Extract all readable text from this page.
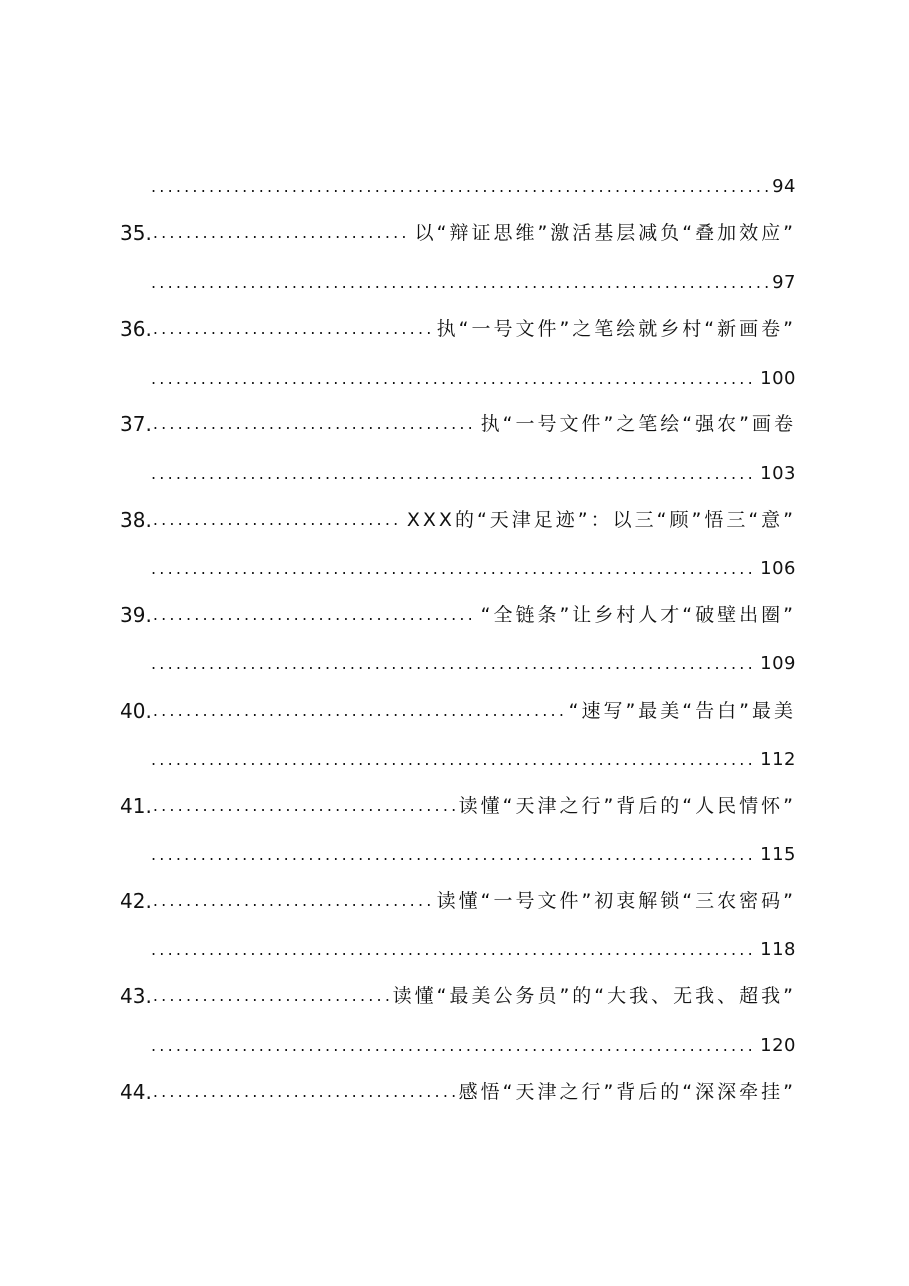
.....
94
35. .....	以“辩证思维”激活基层减负“叠加效应”
.....
97
36. .....	执“一号文件”之笔绘就乡村“新画卷”
.....
100
37. .....	执“一号文件”之笔绘“强农”画卷
.....
103
38. .....	XXX的“天津足迹”：以三“顾”悟三“意”
.....
106
39. .....	“全链条”让乡村人才“破壁出圈”
.....
109
40. .....	“速写”最美“告白”最美
.....
112
41. .....	读懂“天津之行”背后的“人民情怀”
.....
115
42. .....	读懂“一号文件”初衷解锁“三农密码”
.....
118
43. .....	读懂“最美公务员”的“大我、无我、超我”
.....
120
44. .....	感悟“天津之行”背后的“深深牵挂”
